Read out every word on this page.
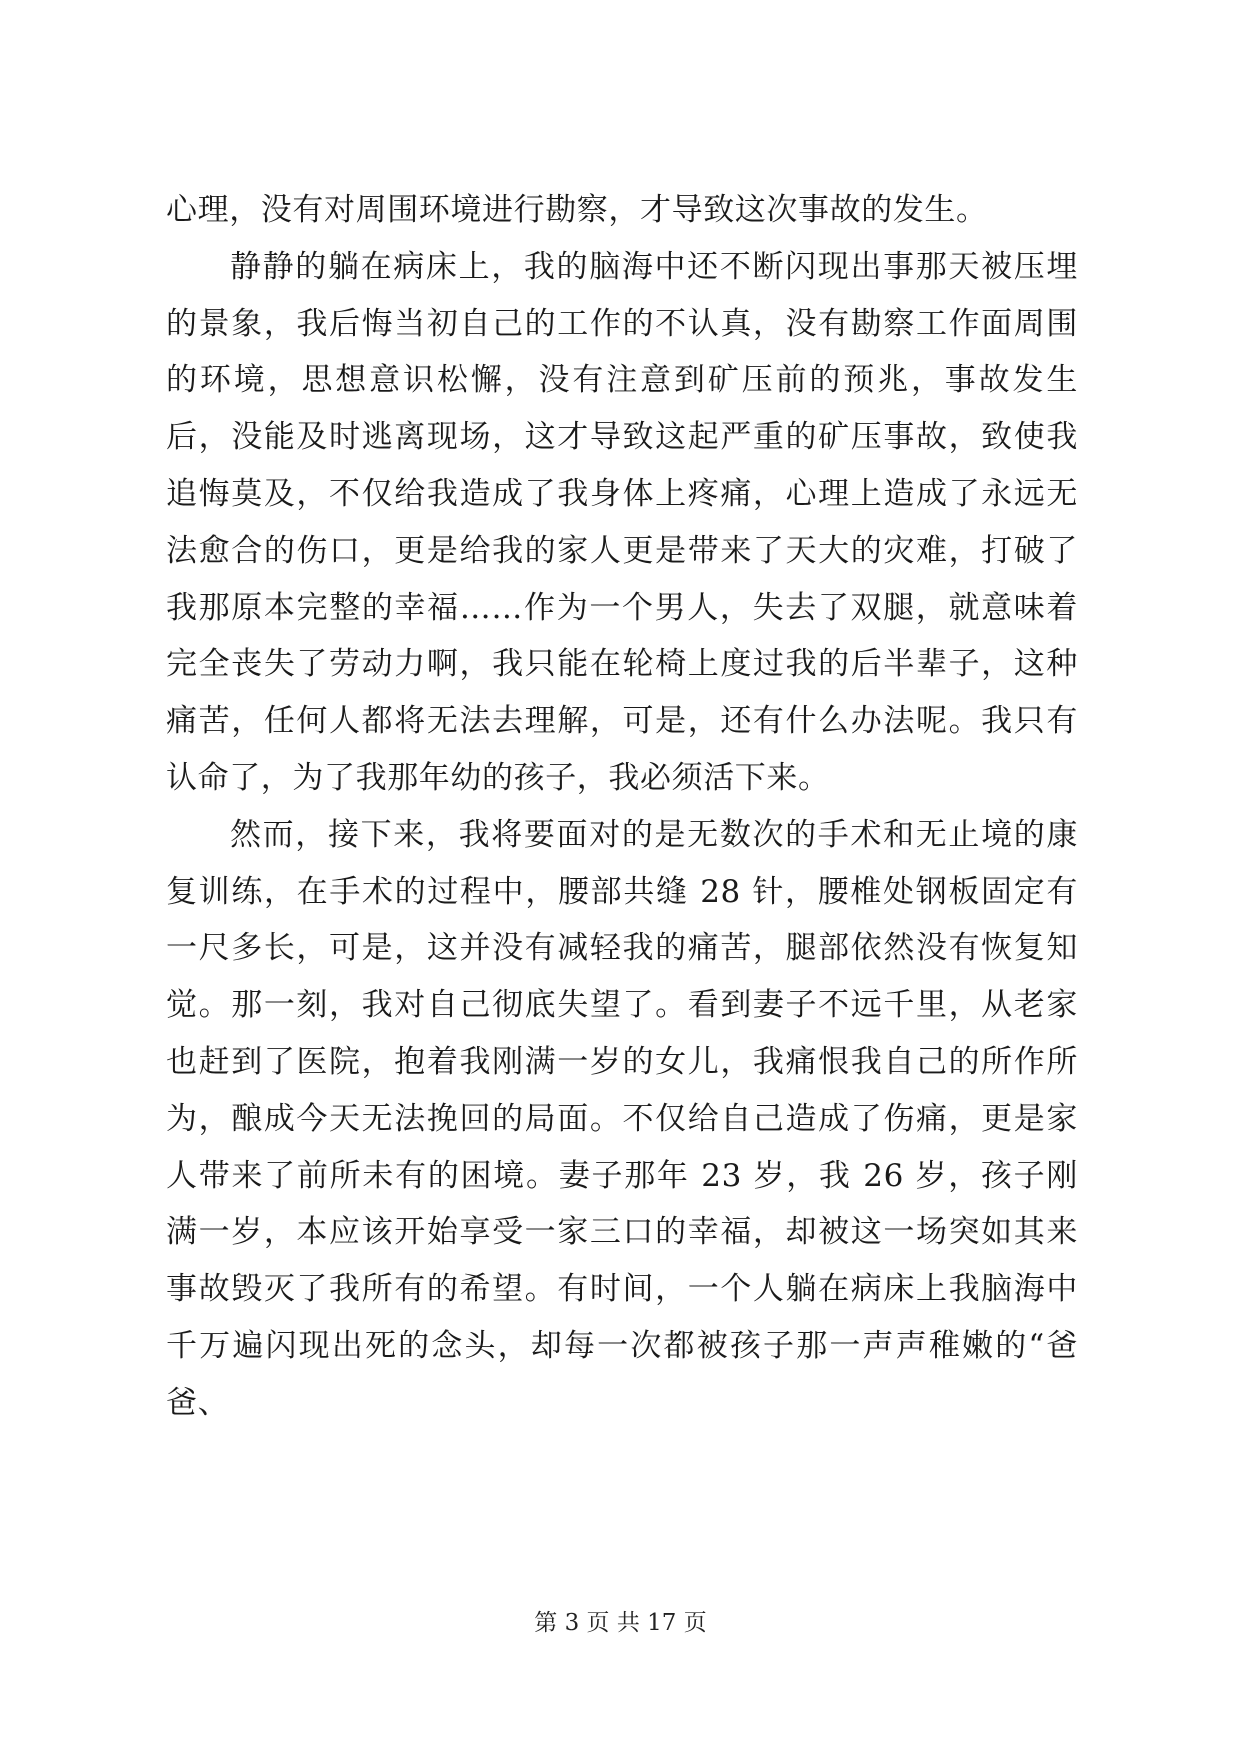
心理，没有对周围环境进行勘察，才导致这次事故的发生。

静静的躺在病床上，我的脑海中还不断闪现出事那天被压埋的景象，我后悔当初自己的工作的不认真，没有勘察工作面周围的环境，思想意识松懈，没有注意到矿压前的预兆，事故发生后，没能及时逃离现场，这才导致这起严重的矿压事故，致使我追悔莫及，不仅给我造成了我身体上疼痛，心理上造成了永远无法愈合的伤口，更是给我的家人更是带来了天大的灾难，打破了我那原本完整的幸福……作为一个男人，失去了双腿，就意味着完全丧失了劳动力啊，我只能在轮椅上度过我的后半辈子，这种痛苦，任何人都将无法去理解，可是，还有什么办法呢。我只有认命了，为了我那年幼的孩子，我必须活下来。

然而，接下来，我将要面对的是无数次的手术和无止境的康复训练，在手术的过程中，腰部共缝 28 针，腰椎处钢板固定有一尺多长，可是，这并没有减轻我的痛苦，腿部依然没有恢复知觉。那一刻，我对自己彻底失望了。看到妻子不远千里，从老家也赶到了医院，抱着我刚满一岁的女儿，我痛恨我自己的所作所为，酿成今天无法挽回的局面。不仅给自己造成了伤痛，更是家人带来了前所未有的困境。妻子那年 23 岁，我 26 岁，孩子刚满一岁，本应该开始享受一家三口的幸福，却被这一场突如其来事故毁灭了我所有的希望。有时间，一个人躺在病床上我脑海中千万遍闪现出死的念头，却每一次都被孩子那一声声稚嫩的“爸爸、

第 3 页 共 17 页
